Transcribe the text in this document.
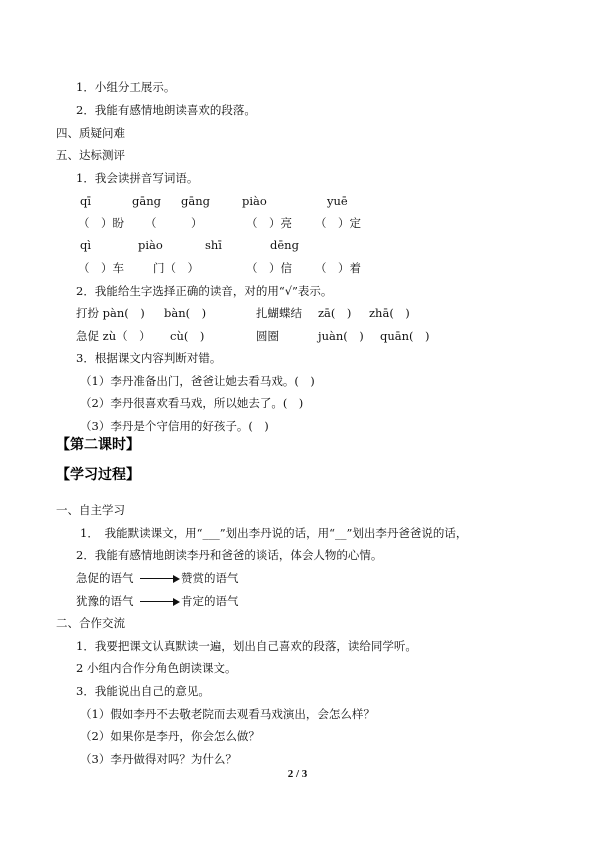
1．小组分工展示。
2．我能有感情地朗读喜欢的段落。
四、质疑问难
五、达标测评
1．我会读拼音写词语。
qī	gāng gāng	piào	yuē
（　）盼 （　　　）	（　）亮 （　）定
qì	piào	shī	dēng
（　）车	门（　）	（　）信 （　）着
2．我能给生字选择正确的读音，对的用“√”表示。
打扮 pàn(　) bàn(　)	扎蝴蝶结 zā(　) zhā(　)
急促 zù（　） cù(　)	圆圈	juàn(　) quān(　)
3．根据课文内容判断对错。
（1）李丹准备出门，爸爸让她去看马戏。(　)
（2）李丹很喜欢看马戏，所以她去了。(　)
（3）李丹是个守信用的好孩子。(　)
【第二课时】
【学习过程】
一、自主学习
1．　我能默读课文，用“___”划出李丹说的话，用“__”划出李丹爸爸说的话，
2．我能有感情地朗读李丹和爸爸的谈话，体会人物的心情。
急促的语气	赞赏的语气
犹豫的语气	肯定的语气
二、合作交流
1．我要把课文认真默读一遍，划出自己喜欢的段落，读给同学听。
2 小组内合作分角色朗读课文。
3．我能说出自己的意见。
（1）假如李丹不去敬老院而去观看马戏演出，会怎么样？
（2）如果你是李丹，你会怎么做？
（3）李丹做得对吗？为什么？
2 / 3
